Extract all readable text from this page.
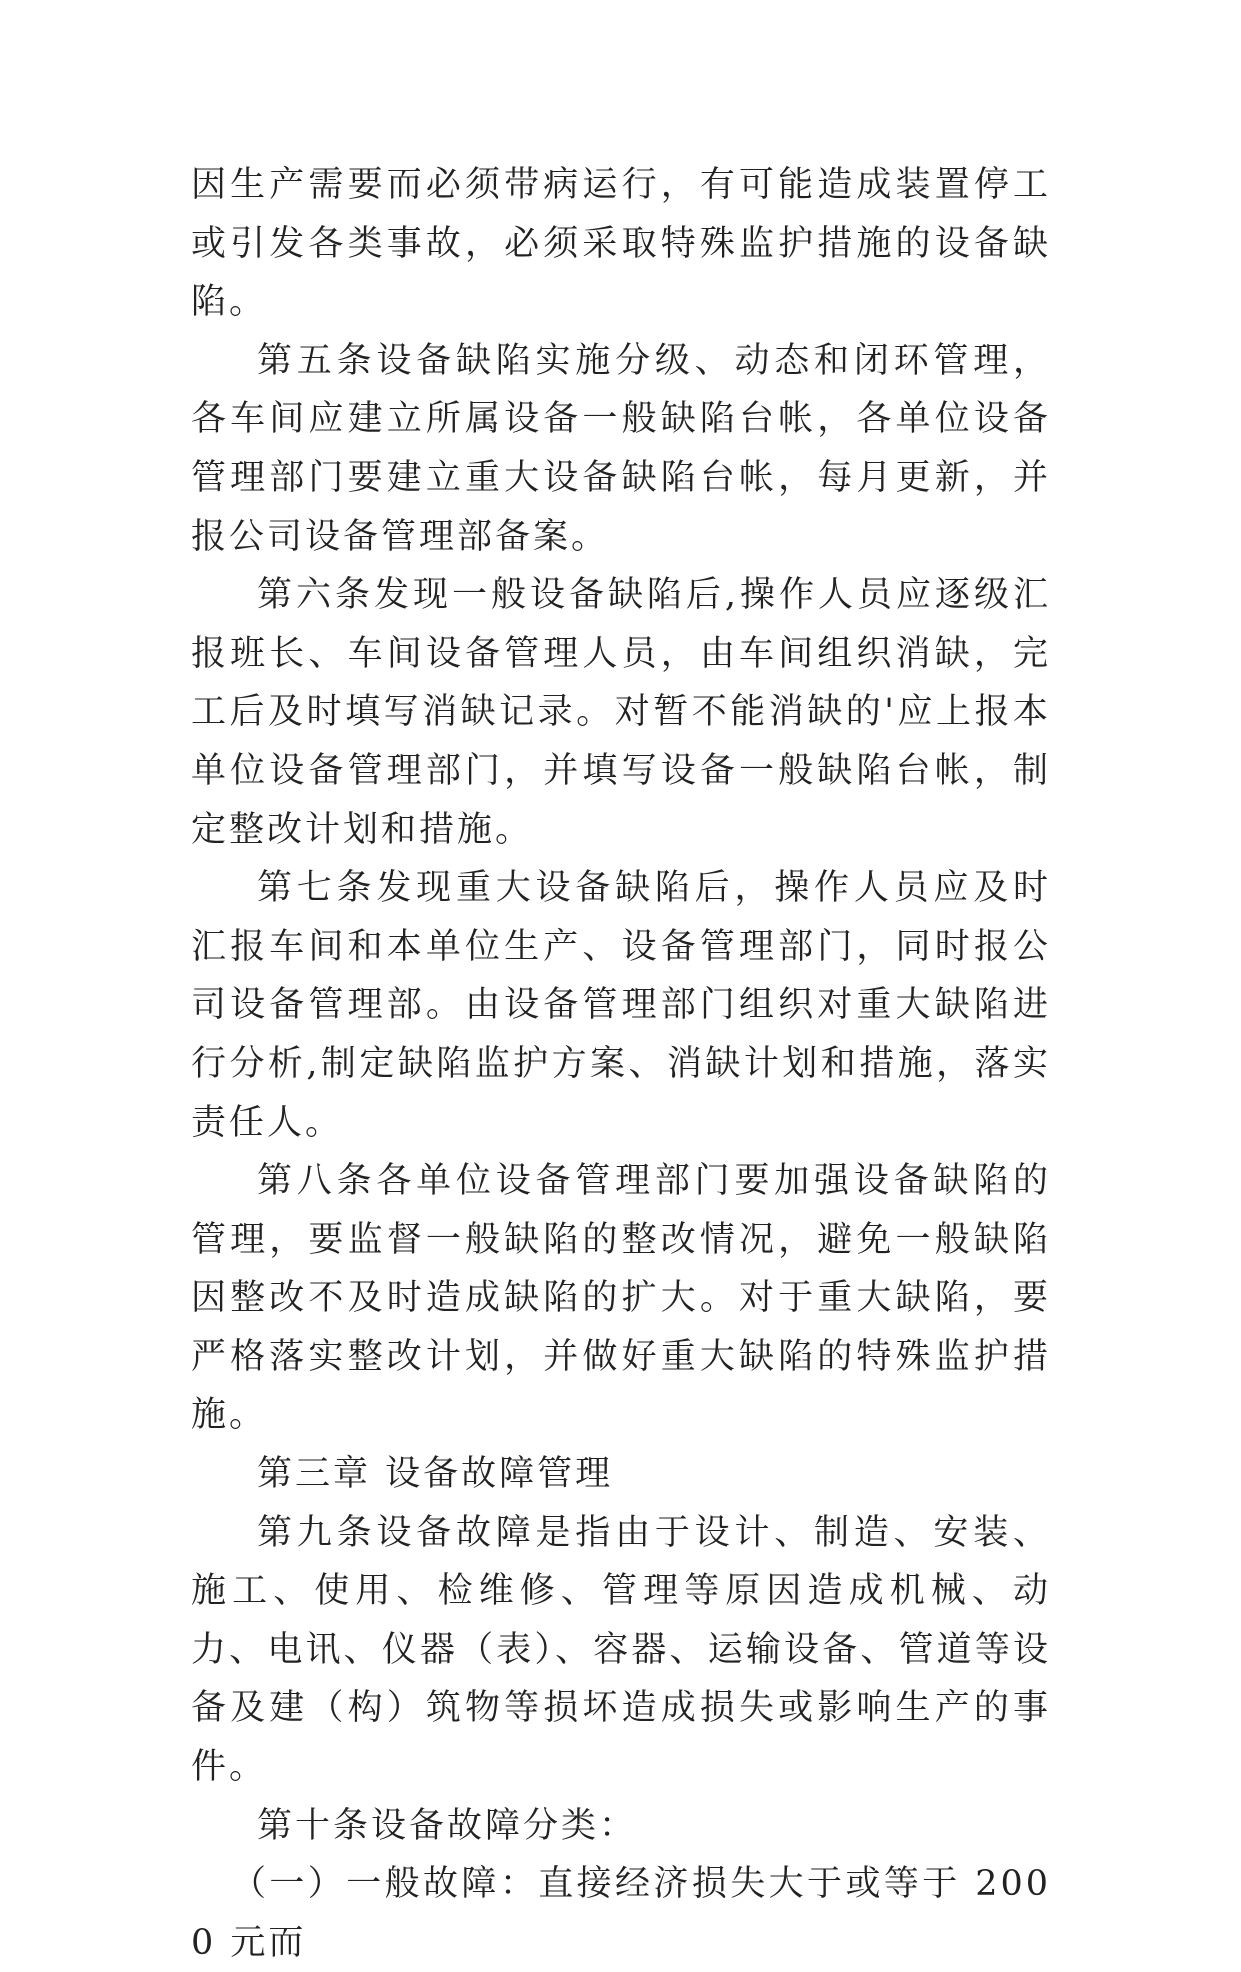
因生产需要而必须带病运行，有可能造成装置停工或引发各类事故，必须采取特殊监护措施的设备缺陷。

第五条设备缺陷实施分级、动态和闭环管理，各车间应建立所属设备一般缺陷台帐，各单位设备管理部门要建立重大设备缺陷台帐，每月更新，并报公司设备管理部备案。

第六条发现一般设备缺陷后,操作人员应逐级汇报班长、车间设备管理人员，由车间组织消缺，完工后及时填写消缺记录。对暂不能消缺的'应上报本单位设备管理部门，并填写设备一般缺陷台帐，制定整改计划和措施。

第七条发现重大设备缺陷后，操作人员应及时汇报车间和本单位生产、设备管理部门，同时报公司设备管理部。由设备管理部门组织对重大缺陷进行分析,制定缺陷监护方案、消缺计划和措施，落实责任人。

第八条各单位设备管理部门要加强设备缺陷的管理，要监督一般缺陷的整改情况，避免一般缺陷因整改不及时造成缺陷的扩大。对于重大缺陷，要严格落实整改计划，并做好重大缺陷的特殊监护措施。

第三章 设备故障管理

第九条设备故障是指由于设计、制造、安装、施工、使用、检维修、管理等原因造成机械、动力、电讯、仪器（表）、容器、运输设备、管道等设备及建（构）筑物等损坏造成损失或影响生产的事件。

第十条设备故障分类：

（一）一般故障：直接经济损失大于或等于 2000 元而
